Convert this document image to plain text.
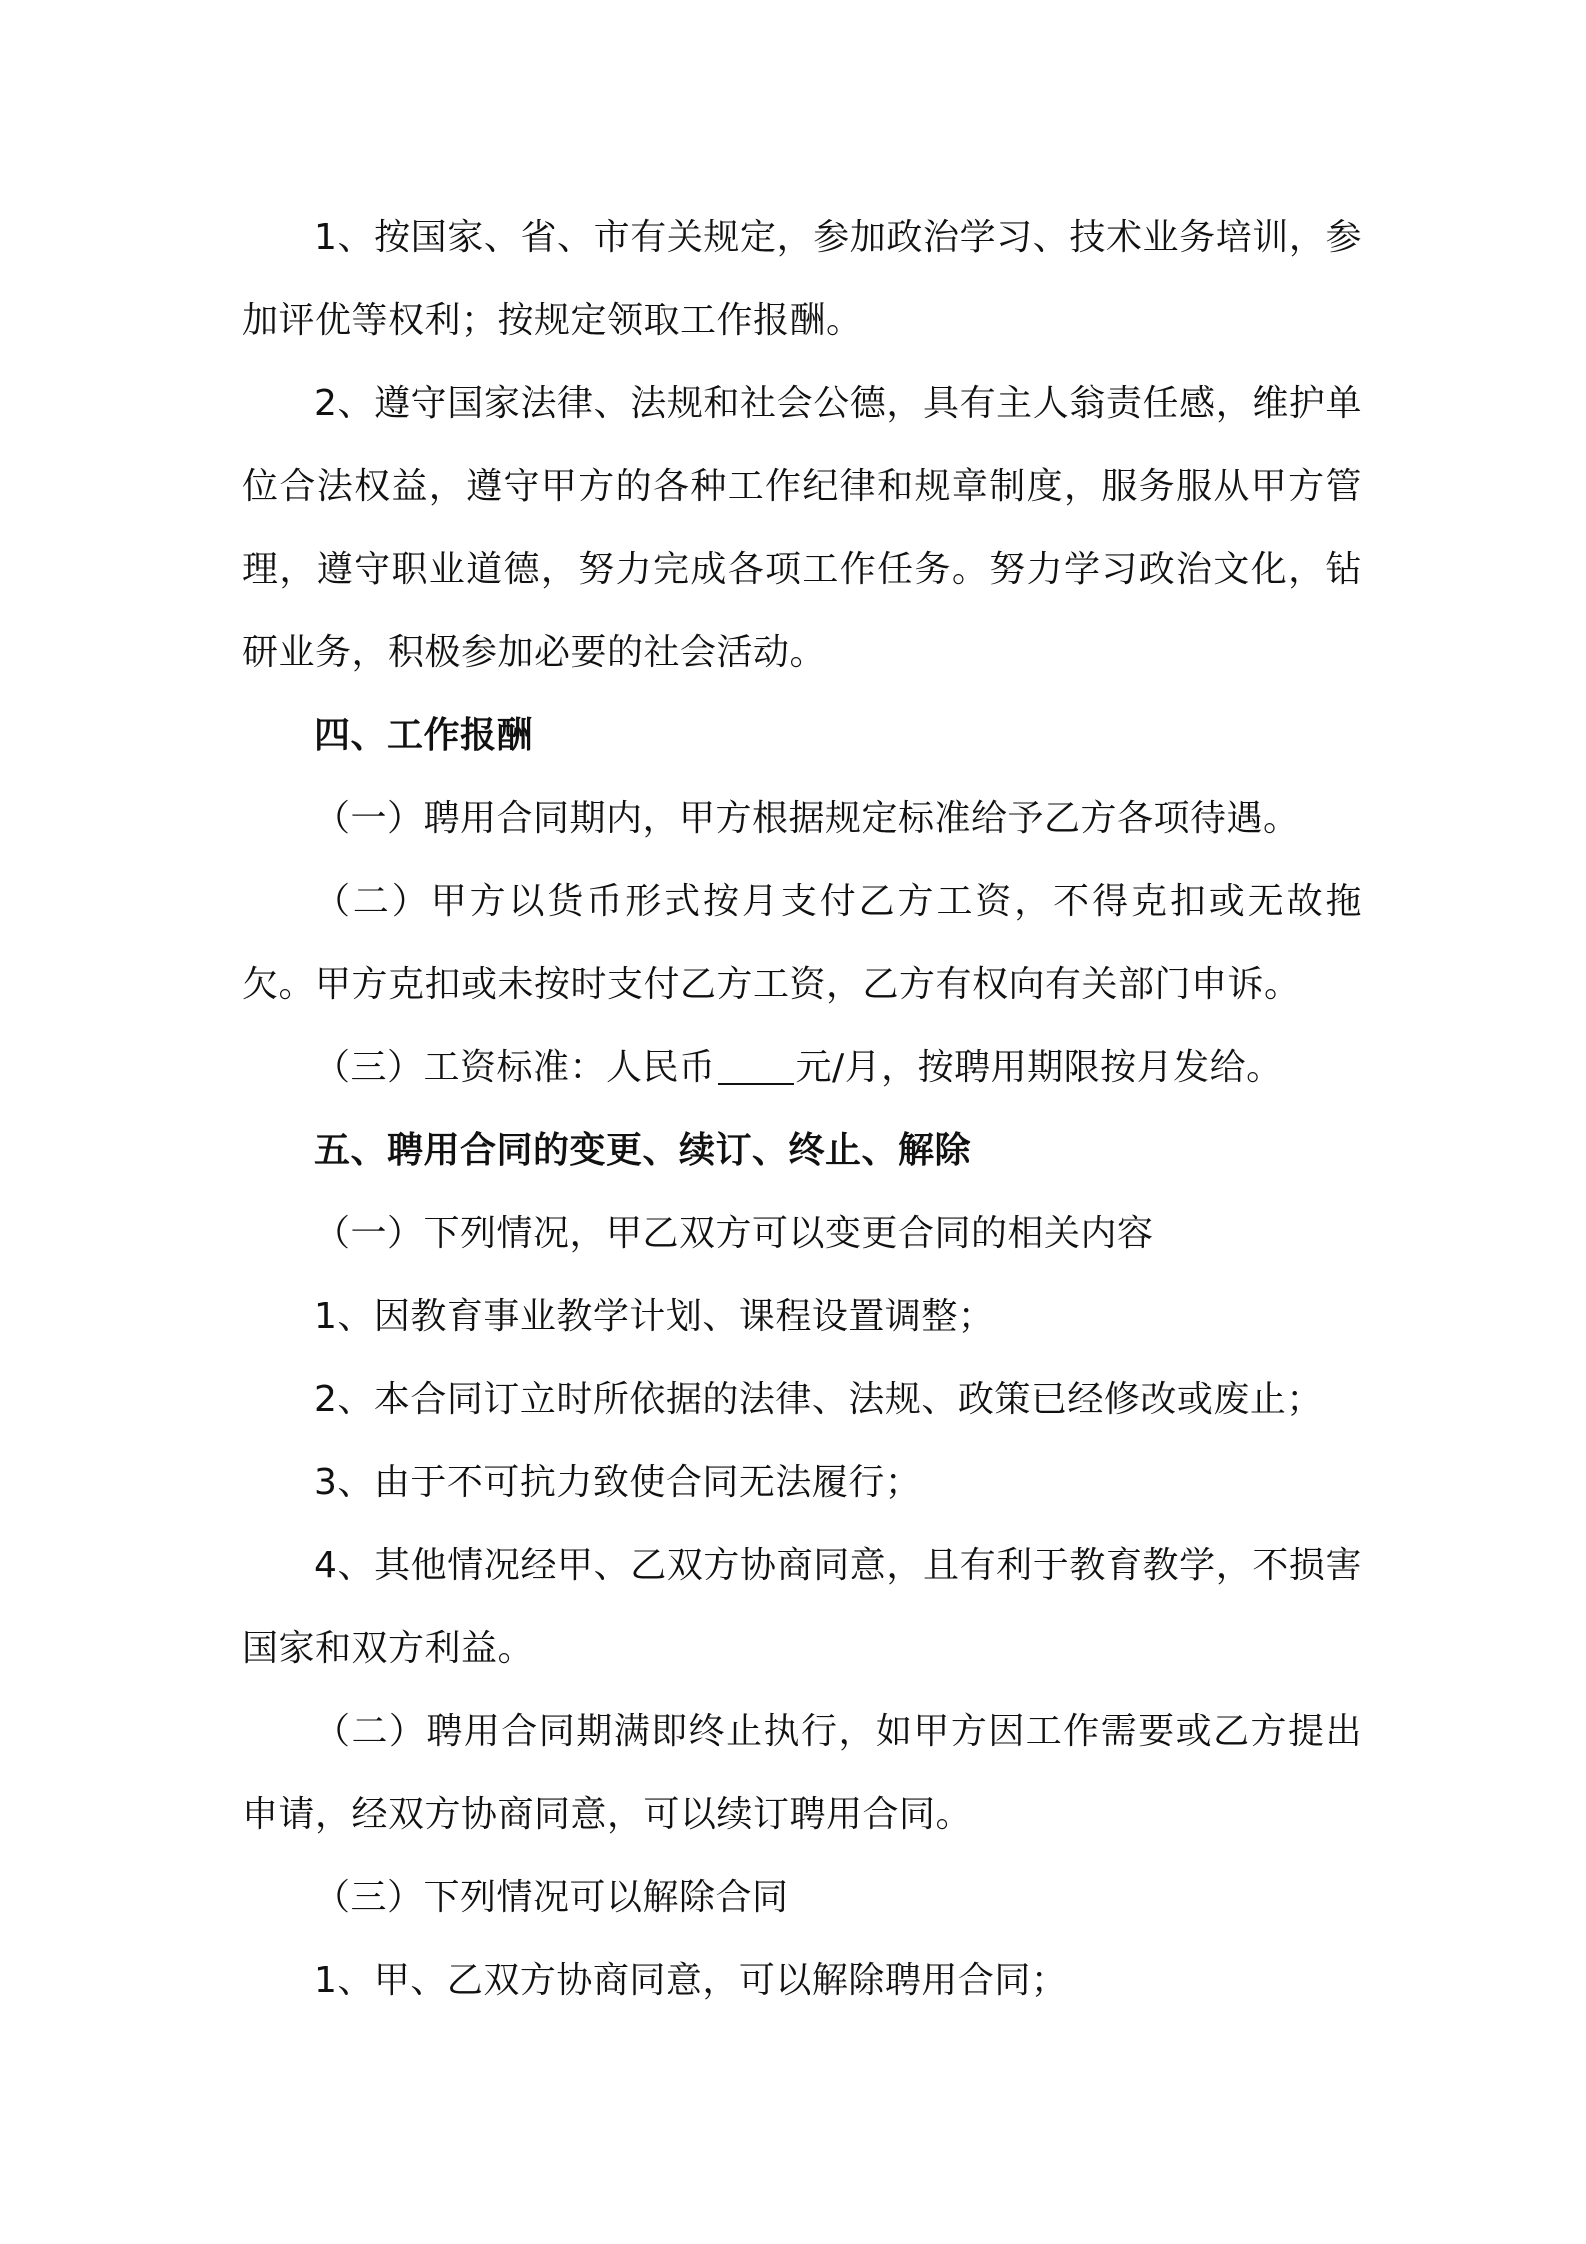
1、按国家、省、市有关规定，参加政治学习、技术业务培训，参加评优等权利；按规定领取工作报酬。

2、遵守国家法律、法规和社会公德，具有主人翁责任感，维护单位合法权益，遵守甲方的各种工作纪律和规章制度，服务服从甲方管理，遵守职业道德，努力完成各项工作任务。努力学习政治文化，钻研业务，积极参加必要的社会活动。

四、工作报酬

（一）聘用合同期内，甲方根据规定标准给予乙方各项待遇。

（二）甲方以货币形式按月支付乙方工资，不得克扣或无故拖欠。甲方克扣或未按时支付乙方工资，乙方有权向有关部门申诉。

（三）工资标准：人民币 元/月，按聘用期限按月发给。

五、聘用合同的变更、续订、终止、解除

（一）下列情况，甲乙双方可以变更合同的相关内容

1、因教育事业教学计划、课程设置调整；

2、本合同订立时所依据的法律、法规、政策已经修改或废止；

3、由于不可抗力致使合同无法履行；

4、其他情况经甲、乙双方协商同意，且有利于教育教学，不损害国家和双方利益。

（二）聘用合同期满即终止执行，如甲方因工作需要或乙方提出申请，经双方协商同意，可以续订聘用合同。

（三）下列情况可以解除合同

1、甲、乙双方协商同意，可以解除聘用合同；
